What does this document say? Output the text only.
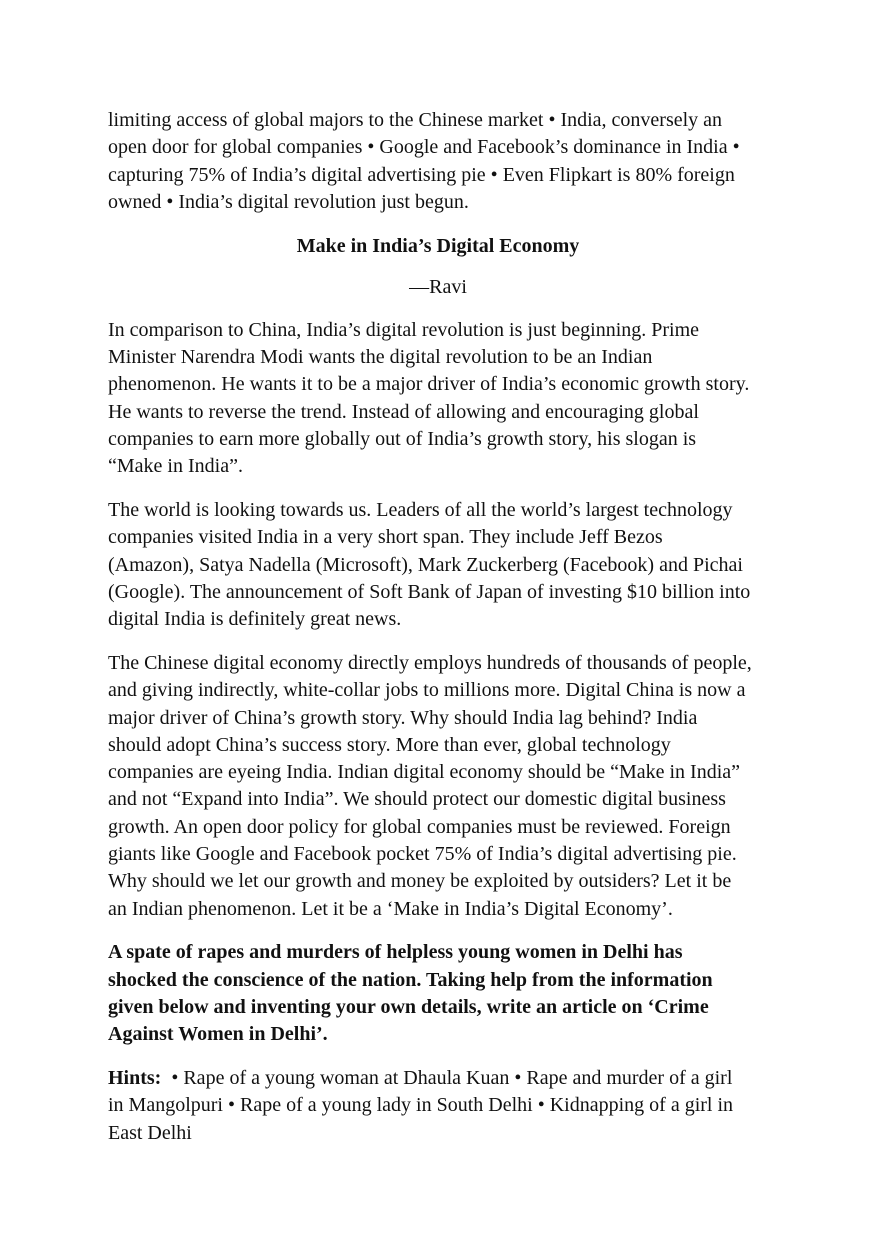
limiting access of global majors to the Chinese market • India, conversely an
open door for global companies • Google and Facebook’s dominance in India •
capturing 75% of India’s digital advertising pie • Even Flipkart is 80% foreign
owned • India’s digital revolution just begun.
Make in India’s Digital Economy
—Ravi
In comparison to China, India’s digital revolution is just beginning. Prime
Minister Narendra Modi wants the digital revolution to be an Indian
phenomenon. He wants it to be a major driver of India’s economic growth story.
He wants to reverse the trend. Instead of allowing and encouraging global
companies to earn more globally out of India’s growth story, his slogan is
“Make in India”.
The world is looking towards us. Leaders of all the world’s largest technology
companies visited India in a very short span. They include Jeff Bezos
(Amazon), Satya Nadella (Microsoft), Mark Zuckerberg (Facebook) and Pichai
(Google). The announcement of Soft Bank of Japan of investing $10 billion into
digital India is definitely great news.
The Chinese digital economy directly employs hundreds of thousands of people,
and giving indirectly, white-collar jobs to millions more. Digital China is now a
major driver of China’s growth story. Why should India lag behind? India
should adopt China’s success story. More than ever, global technology
companies are eyeing India. Indian digital economy should be “Make in India”
and not “Expand into India”. We should protect our domestic digital business
growth. An open door policy for global companies must be reviewed. Foreign
giants like Google and Facebook pocket 75% of India’s digital advertising pie.
Why should we let our growth and money be exploited by outsiders? Let it be
an Indian phenomenon. Let it be a ‘Make in India’s Digital Economy’.
A spate of rapes and murders of helpless young women in Delhi has
shocked the conscience of the nation. Taking help from the information
given below and inventing your own details, write an article on ‘Crime
Against Women in Delhi’.
Hints:  • Rape of a young woman at Dhaula Kuan • Rape and murder of a girl
in Mangolpuri • Rape of a young lady in South Delhi • Kidnapping of a girl in
East Delhi
